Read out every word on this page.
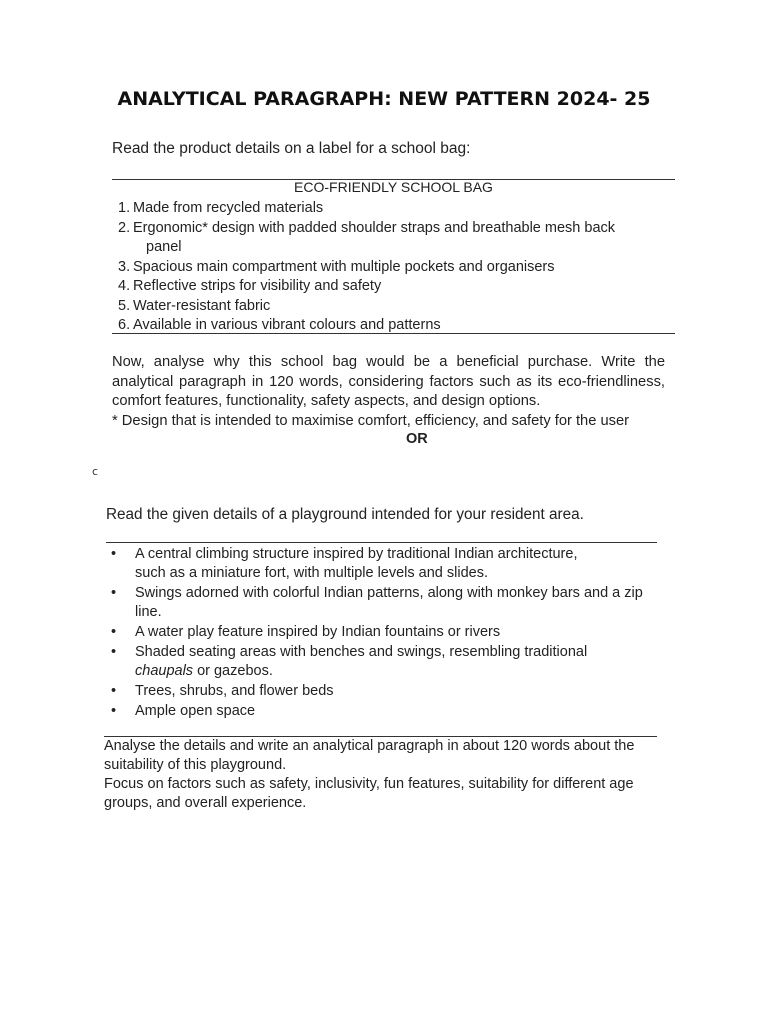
ANALYTICAL PARAGRAPH: NEW PATTERN 2024- 25
Read the product details on a label for a school bag:
ECO-FRIENDLY SCHOOL BAG
1. Made from recycled materials
2. Ergonomic* design with padded shoulder straps and breathable mesh back
panel
3. Spacious main compartment with multiple pockets and organisers
4. Reflective strips for visibility and safety
5. Water-resistant fabric
6. Available in various vibrant colours and patterns

Now, analyse why this school bag would be a beneficial purchase. Write the analytical paragraph in 120 words, considering factors such as its eco-friendliness, comfort features, functionality, safety aspects, and design options.

* Design that is intended to maximise comfort, efficiency, and safety for the user

OR
c
Read the given details of a playground intended for your resident area.
•	A central climbing structure inspired by traditional Indian architecture,
such as a miniature fort, with multiple levels and slides.
•	Swings adorned with colorful Indian patterns, along with monkey bars and a zip line.
•	A water play feature inspired by Indian fountains or rivers
•	Shaded seating areas with benches and swings, resembling traditional
chaupals or gazebos.
•	Trees, shrubs, and flower beds
•	Ample open space

Analyse the details and write an analytical paragraph in about 120 words about the suitability of this playground.

Focus on factors such as safety, inclusivity, fun features, suitability for different age groups, and overall experience.
